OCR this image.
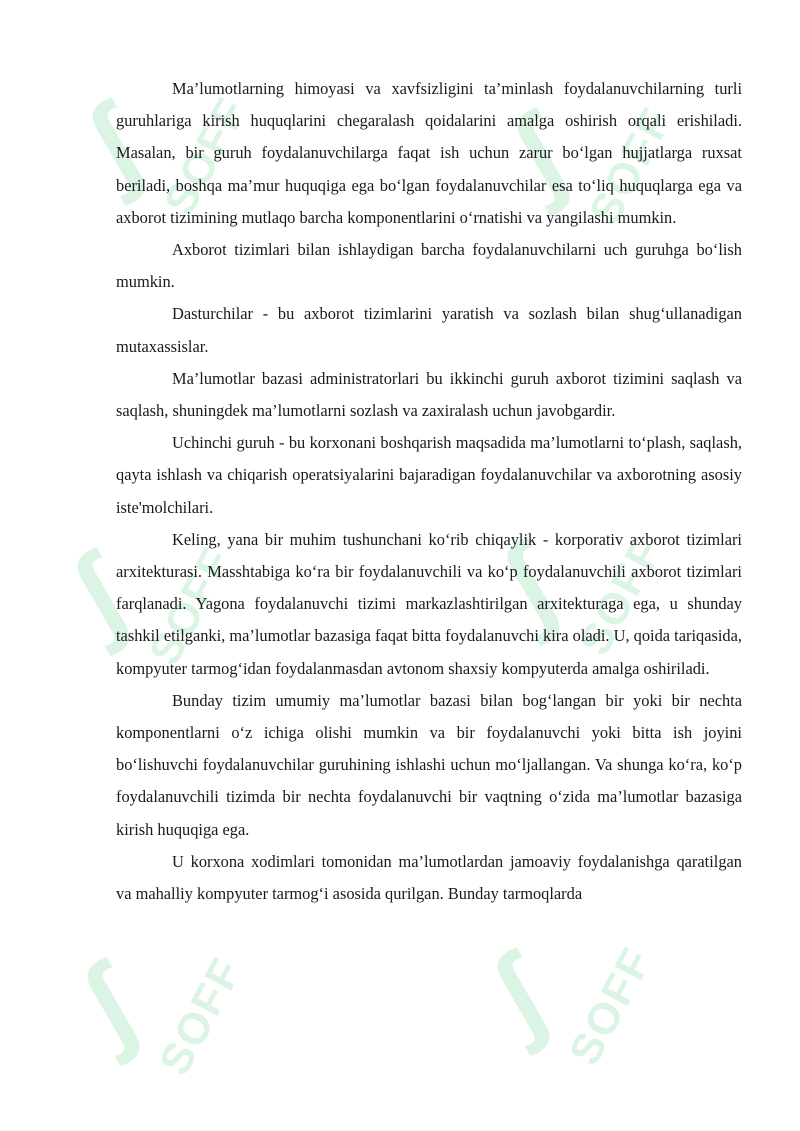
ʃ
SOFF ʃ
SOFF
ʃ
SOFF ʃ
SOFF
ʃ
SOFF ʃ
SOFF

Ma’lumotlarning himoyasi va xavfsizligini ta’minlash foydalanuvchilarning turli guruhlariga kirish huquqlarini chegaralash qoidalarini amalga oshirish orqali erishiladi. Masalan, bir guruh foydalanuvchilarga faqat ish uchun zarur boʻlgan hujjatlarga ruxsat beriladi, boshqa ma’mur huquqiga ega boʻlgan foydalanuvchilar esa toʻliq huquqlarga ega va axborot tizimining mutlaqo barcha komponentlarini oʻrnatishi va yangilashi mumkin.

Axborot tizimlari bilan ishlaydigan barcha foydalanuvchilarni uch guruhga boʻlish mumkin.

Dasturchilar - bu axborot tizimlarini yaratish va sozlash bilan shugʻullanadigan mutaxassislar.

Ma’lumotlar bazasi administratorlari bu ikkinchi guruh axborot tizimini saqlash va saqlash, shuningdek ma’lumotlarni sozlash va zaxiralash uchun javobgardir.

Uchinchi guruh - bu korxonani boshqarish maqsadida ma’lumotlarni toʻplash, saqlash, qayta ishlash va chiqarish operatsiyalarini bajaradigan foydalanuvchilar va axborotning asosiy iste'molchilari.

Keling, yana bir muhim tushunchani koʻrib chiqaylik - korporativ axborot tizimlari arxitekturasi. Masshtabiga koʻra bir foydalanuvchili va koʻp foydalanuvchili axborot tizimlari farqlanadi. Yagona foydalanuvchi tizimi markazlashtirilgan arxitekturaga ega, u shunday tashkil etilganki, ma’lumotlar bazasiga faqat bitta foydalanuvchi kira oladi. U, qoida tariqasida, kompyuter tarmogʻidan foydalanmasdan avtonom shaxsiy kompyuterda amalga oshiriladi.

Bunday tizim umumiy ma’lumotlar bazasi bilan bogʻlangan bir yoki bir nechta komponentlarni oʻz ichiga olishi mumkin va bir foydalanuvchi yoki bitta ish joyini boʻlishuvchi foydalanuvchilar guruhining ishlashi uchun moʻljallangan. Va shunga koʻra, koʻp foydalanuvchili tizimda bir nechta foydalanuvchi bir vaqtning oʻzida ma’lumotlar bazasiga kirish huquqiga ega.

U korxona xodimlari tomonidan ma’lumotlardan jamoaviy foydalanishga qaratilgan va mahalliy kompyuter tarmogʻi asosida qurilgan. Bunday tarmoqlarda
